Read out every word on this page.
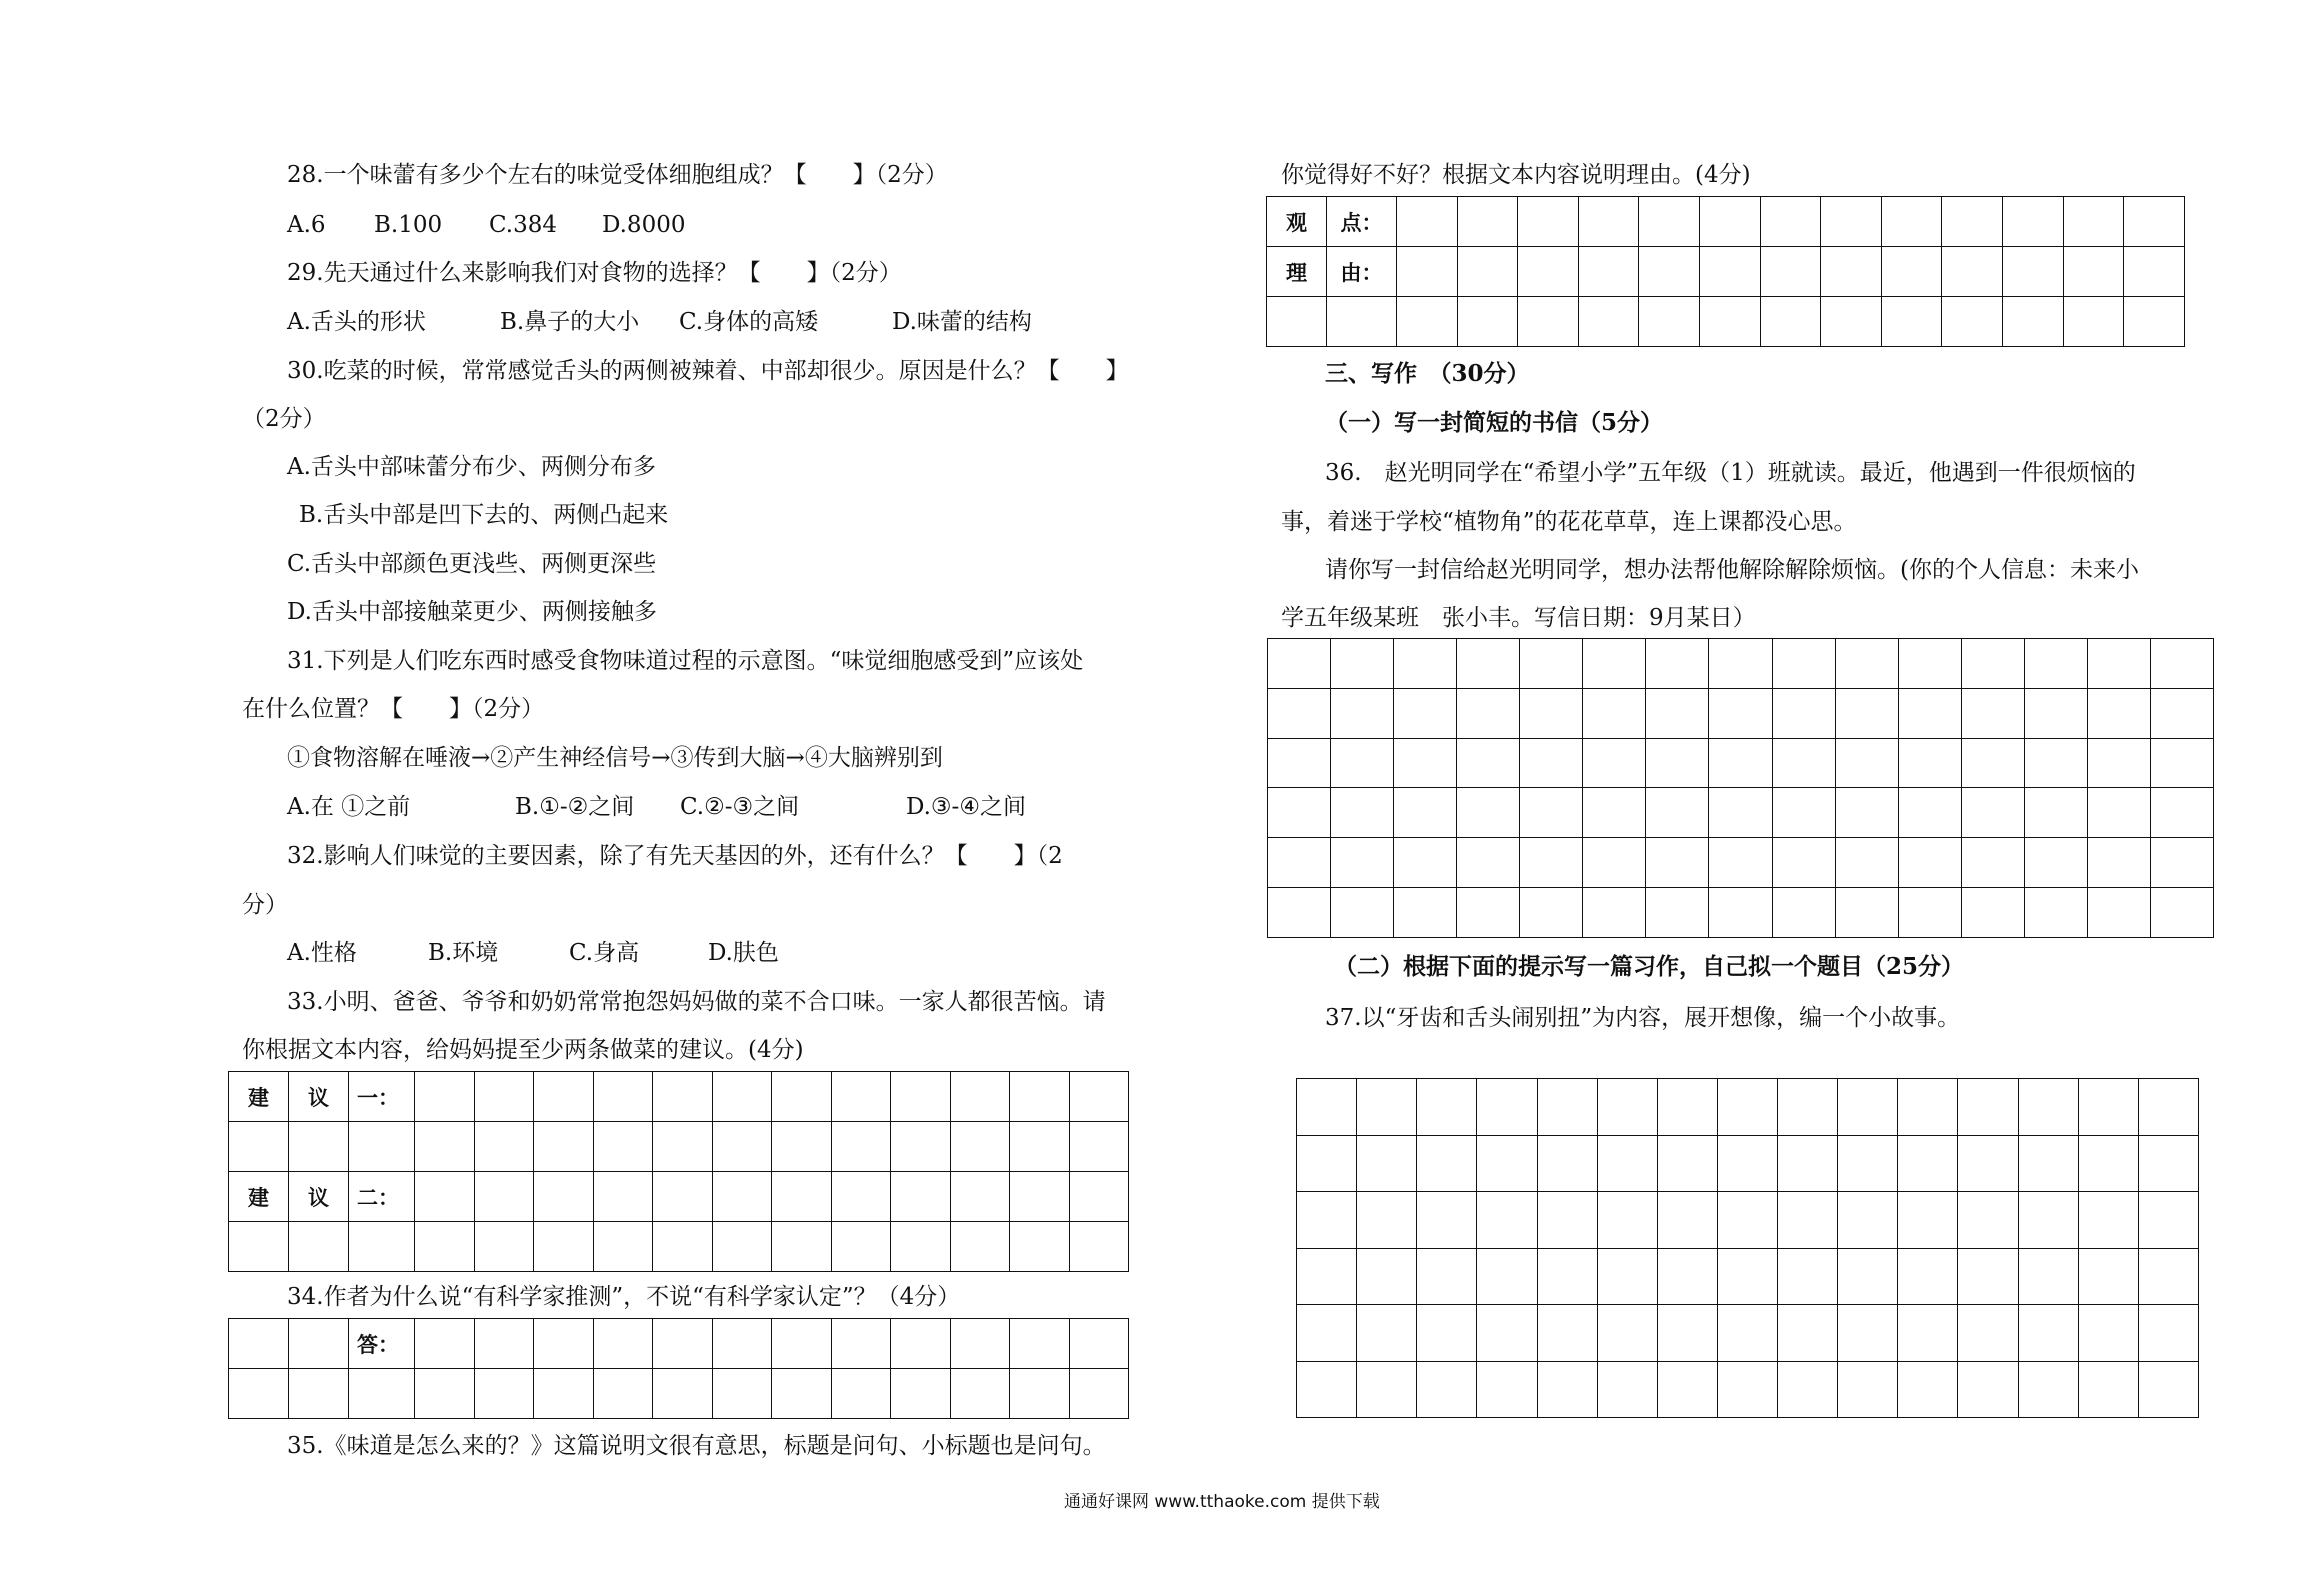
28.一个味蕾有多少个左右的味觉受体细胞组成？【　　】（2分）
A.6 B.100 C.384 D.8000
29.先天通过什么来影响我们对食物的选择？【　　】（2分）
A.舌头的形状	B.鼻子的大小 C.身体的高矮	D.味蕾的结构
30.吃菜的时候，常常感觉舌头的两侧被辣着、中部却很少。原因是什么？【　　】
（2分）
A.舌头中部味蕾分布少、两侧分布多
B.舌头中部是凹下去的、两侧凸起来
C.舌头中部颜色更浅些、两侧更深些
D.舌头中部接触菜更少、两侧接触多
31.下列是人们吃东西时感受食物味道过程的示意图。“味觉细胞感受到”应该处
在什么位置？【　　】（2分）
①食物溶解在唾液→②产生神经信号→③传到大脑→④大脑辨别到
A.在 ①之前	B.①-②之间 C.②-③之间	D.③-④之间
32.影响人们味觉的主要因素，除了有先天基因的外，还有什么？【　　】（2
分）
A.性格	B.环境	C.身高	D.肤色
33.小明、爸爸、爷爷和奶奶常常抱怨妈妈做的菜不合口味。一家人都很苦恼。请
你根据文本内容，给妈妈提至少两条做菜的建议。(4分)
建	议	一：												

建	议	二：												

34.作者为什么说“有科学家推测”，不说“有科学家认定”？（4分）
		答：												

35.《味道是怎么来的？》这篇说明文很有意思，标题是问句、小标题也是问句。
你觉得好不好？根据文本内容说明理由。(4分)
观	点：													
理	由：													

三、写作　（30分）
（一）写一封简短的书信（5分）
36.　赵光明同学在“希望小学”五年级（1）班就读。最近，他遇到一件很烦恼的
事，着迷于学校“植物角”的花花草草，连上课都没心思。
请你写一封信给赵光明同学，想办法帮他解除解除烦恼。(你的个人信息：未来小
学五年级某班　张小丰。写信日期：9月某日）

（二）根据下面的提示写一篇习作，自己拟一个题目（25分）
37.以“牙齿和舌头闹别扭”为内容，展开想像，编一个小故事。

通通好课网 www.tthaoke.com 提供下载
